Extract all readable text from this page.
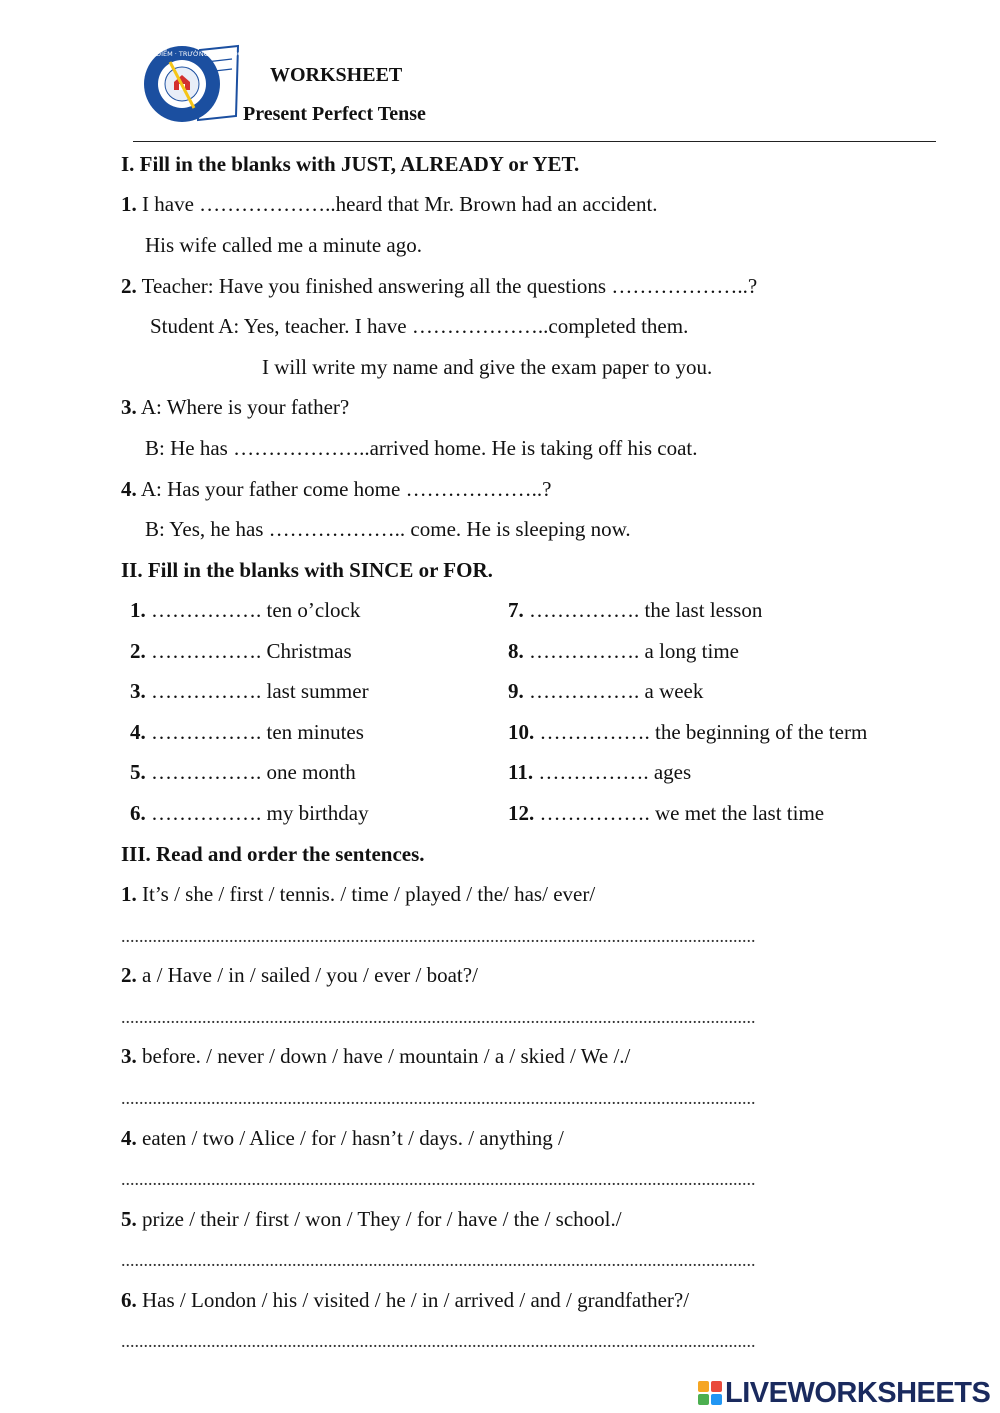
ĐOÀN THỊ ĐIỂM · TRƯỜNG TIỂU HỌC
WORKSHEET
Present Perfect Tense
I. Fill in the blanks with JUST, ALREADY or YET.
1. I have ………………..heard that Mr. Brown had an accident.
His wife called me a minute ago.
2. Teacher: Have you finished answering all the questions ………………..?
Student A: Yes, teacher. I have ………………..completed them.
I will write my name and give the exam paper to you.
3. A: Where is your father?
B: He has ………………..arrived home. He is taking off his coat.
4. A: Has your father come home ………………..?
B: Yes, he has ……………….. come. He is sleeping now.
II. Fill in the blanks with SINCE or FOR.
1. ……………. ten o’clock
2. ……………. Christmas
3. ……………. last summer
4. ……………. ten minutes
5. ……………. one month
6. ……………. my birthday
7. ……………. the last lesson
8. ……………. a long time
9. ……………. a week
10. ……………. the beginning of the term
11. ……………. ages
12. ……………. we met the last time
III. Read and order the sentences.
1. It’s / she / first / tennis. / time / played / the/ has/ ever/
.............................................................................................................................................
2. a / Have / in / sailed / you / ever / boat?/
.............................................................................................................................................
3. before. / never / down / have / mountain / a / skied / We /./
.............................................................................................................................................
4. eaten / two / Alice / for / hasn’t / days. / anything /
.............................................................................................................................................
5. prize / their / first / won / They / for / have / the / school./
.............................................................................................................................................
6. Has / London / his / visited / he / in / arrived / and / grandfather?/
.............................................................................................................................................
LIVEWORKSHEETS
